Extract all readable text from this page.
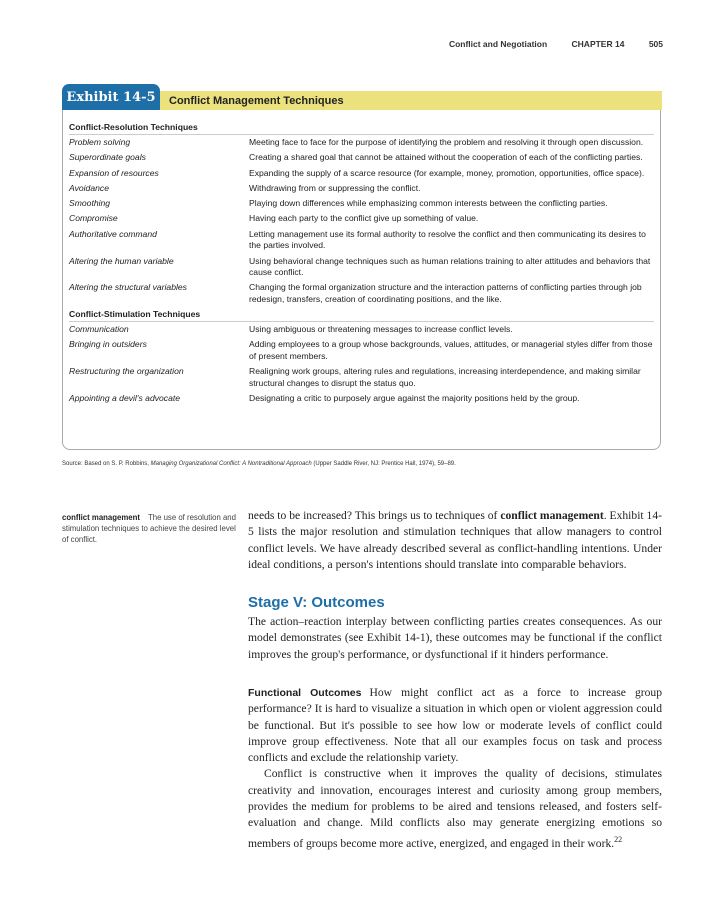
Conflict and Negotiation	CHAPTER 14	505
Exhibit 14-5	Conflict Management Techniques
Conflict-Resolution Techniques
Problem solving	Meeting face to face for the purpose of identifying the problem and resolving it through open discussion.
Superordinate goals	Creating a shared goal that cannot be attained without the cooperation of each of the conflicting parties.
Expansion of resources	Expanding the supply of a scarce resource (for example, money, promotion, opportunities, office space).
Avoidance	Withdrawing from or suppressing the conflict.
Smoothing	Playing down differences while emphasizing common interests between the conflicting parties.
Compromise	Having each party to the conflict give up something of value.
Authoritative command	Letting management use its formal authority to resolve the conflict and then communicating its desires to the parties involved.
Altering the human variable	Using behavioral change techniques such as human relations training to alter attitudes and behaviors that cause conflict.
Altering the structural variables	Changing the formal organization structure and the interaction patterns of conflicting parties through job redesign, transfers, creation of coordinating positions, and the like.
Conflict-Stimulation Techniques
Communication	Using ambiguous or threatening messages to increase conflict levels.
Bringing in outsiders	Adding employees to a group whose backgrounds, values, attitudes, or managerial styles differ from those of present members.
Restructuring the organization	Realigning work groups, altering rules and regulations, increasing interdependence, and making similar structural changes to disrupt the status quo.
Appointing a devil's advocate	Designating a critic to purposely argue against the majority positions held by the group.
Source: Based on S. P. Robbins, Managing Organizational Conflict: A Nontraditional Approach (Upper Saddle River, NJ: Prentice Hall, 1974), 59–89.
conflict management The use of resolution and stimulation techniques to achieve the desired level of conflict.

needs to be increased? This brings us to techniques of conflict management. Exhibit 14-5 lists the major resolution and stimulation techniques that allow managers to control conflict levels. We have already described several as conflict-handling intentions. Under ideal conditions, a person's intentions should translate into comparable behaviors.

Stage V: Outcomes

The action–reaction interplay between conflicting parties creates consequences. As our model demonstrates (see Exhibit 14-1), these outcomes may be functional if the conflict improves the group's performance, or dysfunctional if it hinders performance.

Functional Outcomes How might conflict act as a force to increase group performance? It is hard to visualize a situation in which open or violent aggression could be functional. But it's possible to see how low or moderate levels of conflict could improve group effectiveness. Note that all our examples focus on task and process conflicts and exclude the relationship variety.

Conflict is constructive when it improves the quality of decisions, stimulates creativity and innovation, encourages interest and curiosity among group members, provides the medium for problems to be aired and tensions released, and fosters self-evaluation and change. Mild conflicts also may generate energizing emotions so members of groups become more active, energized, and engaged in their work.$^{22}$
